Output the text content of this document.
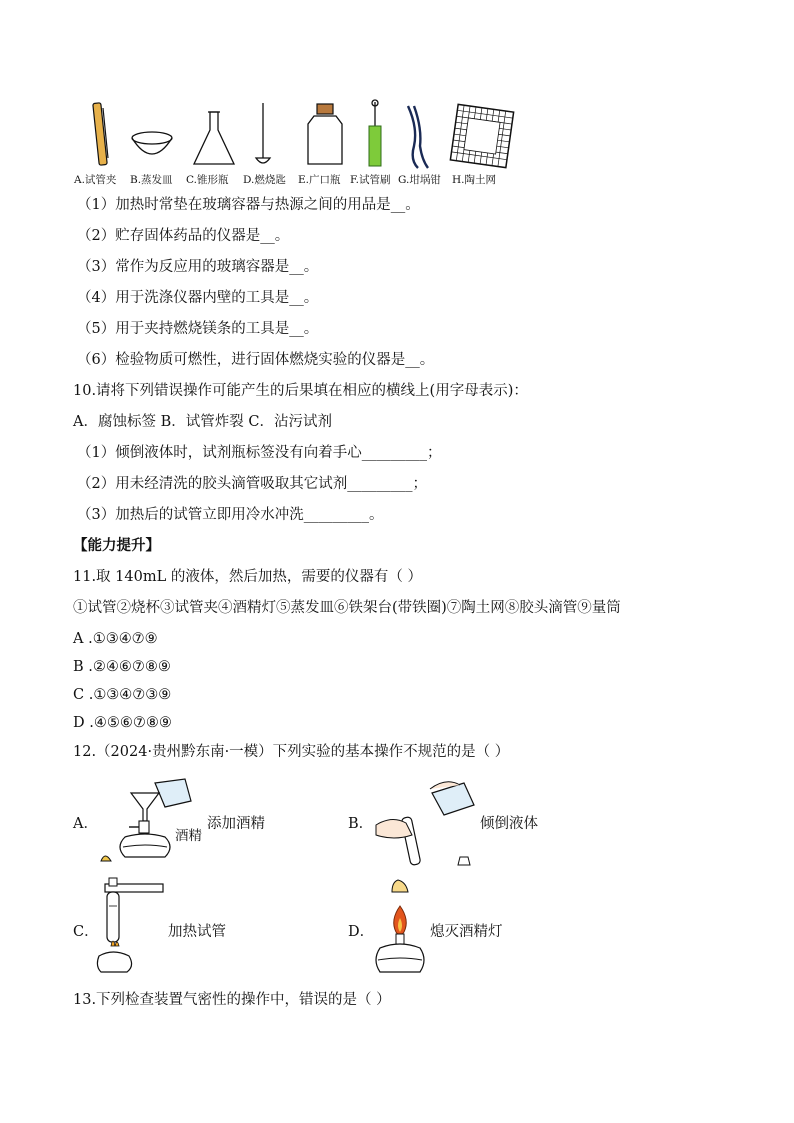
A.试管夹 B.蒸发皿 C.锥形瓶 D.燃烧匙 E.广口瓶 F.试管刷 G.坩埚钳 H.陶土网
（1）加热时常垫在玻璃容器与热源之间的用品是__。
（2）贮存固体药品的仪器是__。
（3）常作为反应用的玻璃容器是__。
（4）用于洗涤仪器内壁的工具是__。
（5）用于夹持燃烧镁条的工具是__。
（6）检验物质可燃性，进行固体燃烧实验的仪器是__。
10.请将下列错误操作可能产生的后果填在相应的横线上(用字母表示)：
A．腐蚀标签 B．试管炸裂 C．沾污试剂
（1）倾倒液体时，试剂瓶标签没有向着手心_________；
（2）用未经清洗的胶头滴管吸取其它试剂_________；
（3）加热后的试管立即用冷水冲洗_________。
【能力提升】
11.取 140mL 的液体，然后加热，需要的仪器有（ ）
①试管②烧杯③试管夹④酒精灯⑤蒸发皿⑥铁架台(带铁圈)⑦陶土网⑧胶头滴管⑨量筒
A .①③④⑦⑨
B .②④⑥⑦⑧⑨
C .①③④⑦③⑨
D .④⑤⑥⑦⑧⑨
12.（2024·贵州黔东南·一模）下列实验的基本操作不规范的是（ ）
A．	添加酒精
酒精
B．	倾倒液体
C．	加热试管	D．	熄灭酒精灯
13.下列检查装置气密性的操作中，错误的是（ ）
